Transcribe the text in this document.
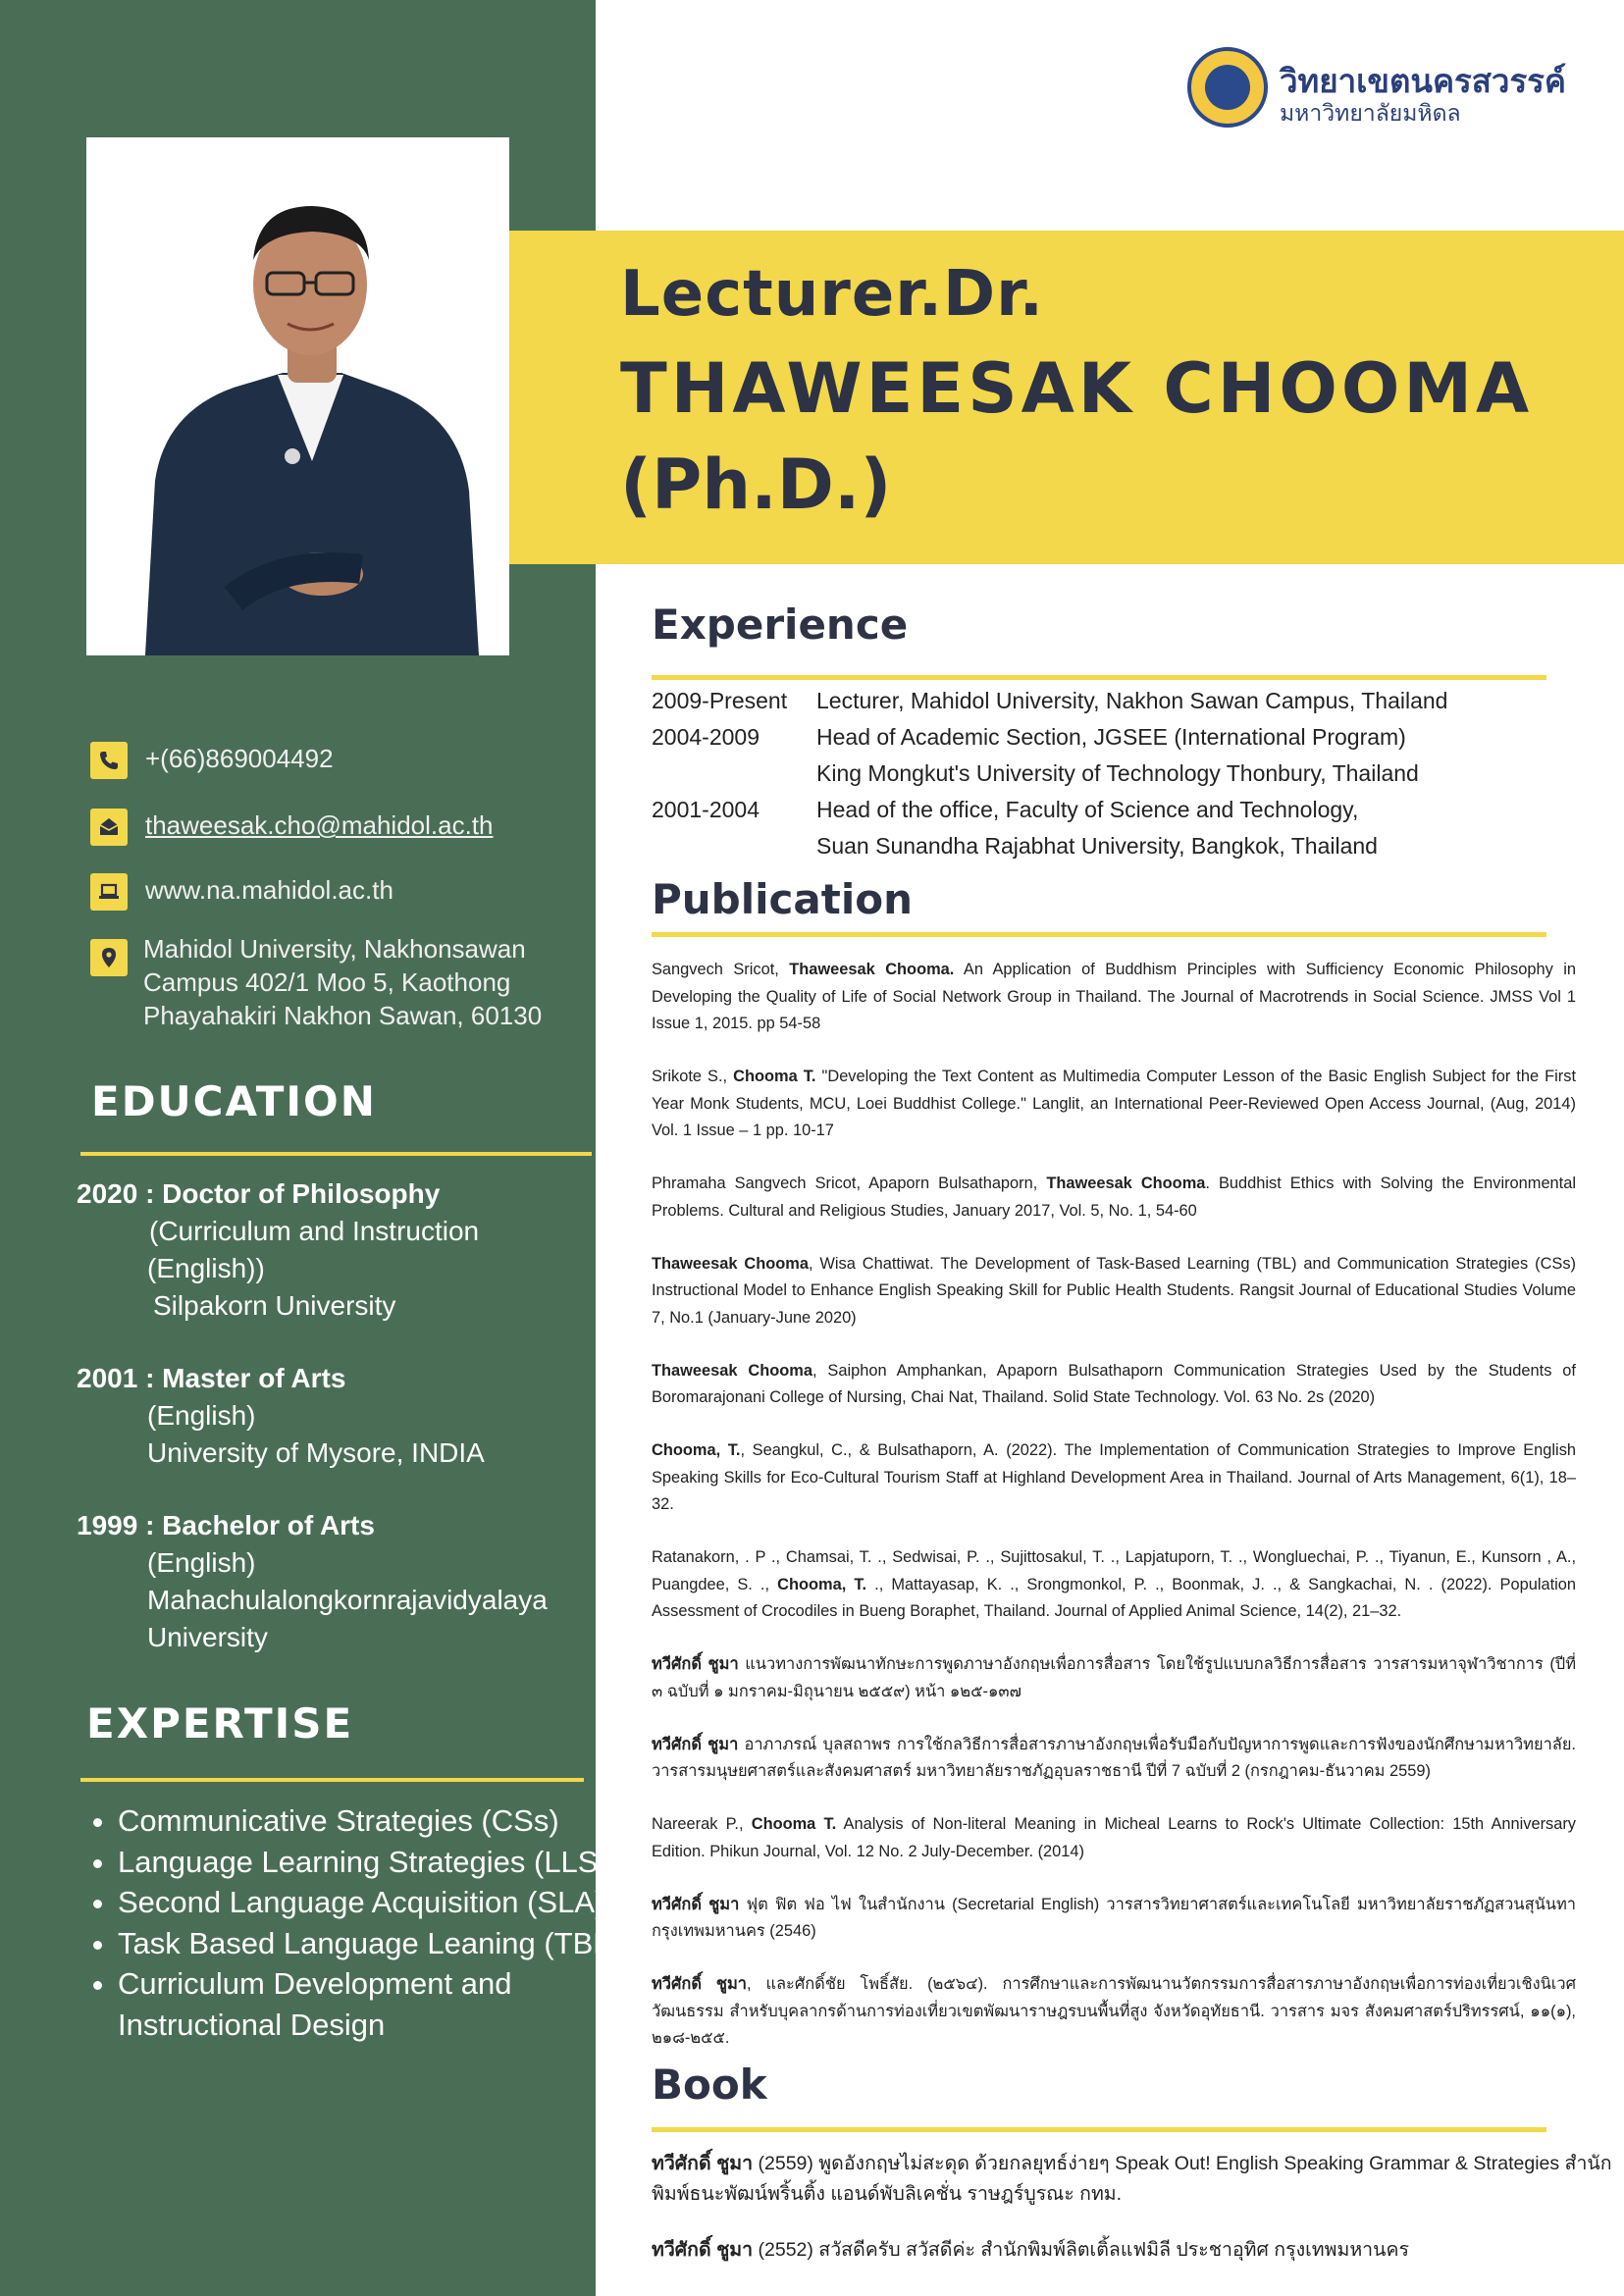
วิทยาเขตนครสวรรค์
มหาวิทยาลัยมหิดล
Lecturer.Dr.
THAWEESAK CHOOMA
(Ph.D.)
+(66)869004492
thaweesak.cho@mahidol.ac.th
www.na.mahidol.ac.th
Mahidol University, Nakhonsawan
Campus 402/1 Moo 5, Kaothong
Phayahakiri Nakhon Sawan, 60130
EDUCATION
2020 : Doctor of Philosophy
(Curriculum and Instruction
(English))
Silpakorn University
2001 : Master of Arts
(English)
University of Mysore, INDIA
1999 : Bachelor of Arts
(English)
Mahachulalongkornrajavidyalaya
University
EXPERTISE
• Communicative Strategies (CSs)
• Language Learning Strategies (LLS)
• Second Language Acquisition (SLA)
• Task Based Language Leaning (TBL)
• Curriculum Development and Instructional Design
Experience
2009-Present	Lecturer, Mahidol University, Nakhon Sawan Campus, Thailand
2004-2009	Head of Academic Section, JGSEE (International Program)
King Mongkut's University of Technology Thonbury, Thailand
2001-2004	Head of the office, Faculty of Science and Technology,
Suan Sunandha Rajabhat University, Bangkok, Thailand
Publication

Sangvech Sricot, Thaweesak Chooma. An Application of Buddhism Principles with Sufficiency Economic Philosophy in Developing the Quality of Life of Social Network Group in Thailand. The Journal of Macrotrends in Social Science. JMSS Vol 1 Issue 1, 2015. pp 54-58

Srikote S., Chooma T. "Developing the Text Content as Multimedia Computer Lesson of the Basic English Subject for the First Year Monk Students, MCU, Loei Buddhist College." Langlit, an International Peer-Reviewed Open Access Journal, (Aug, 2014) Vol. 1 Issue – 1 pp. 10-17

Phramaha Sangvech Sricot, Apaporn Bulsathaporn, Thaweesak Chooma. Buddhist Ethics with Solving the Environmental Problems. Cultural and Religious Studies, January 2017, Vol. 5, No. 1, 54-60

Thaweesak Chooma, Wisa Chattiwat. The Development of Task-Based Learning (TBL) and Communication Strategies (CSs) Instructional Model to Enhance English Speaking Skill for Public Health Students. Rangsit Journal of Educational Studies Volume 7, No.1 (January-June 2020)

Thaweesak Chooma, Saiphon Amphankan, Apaporn Bulsathaporn Communication Strategies Used by the Students of Boromarajonani College of Nursing, Chai Nat, Thailand. Solid State Technology. Vol. 63 No. 2s (2020)

Chooma, T., Seangkul, C., & Bulsathaporn, A. (2022). The Implementation of Communication Strategies to Improve English Speaking Skills for Eco-Cultural Tourism Staff at Highland Development Area in Thailand. Journal of Arts Management, 6(1), 18–32.

Ratanakorn, . P ., Chamsai, T. ., Sedwisai, P. ., Sujittosakul, T. ., Lapjatuporn, T. ., Wongluechai, P. ., Tiyanun, E., Kunsorn , A., Puangdee, S. ., Chooma, T. ., Mattayasap, K. ., Srongmonkol, P. ., Boonmak, J. ., & Sangkachai, N. . (2022). Population Assessment of Crocodiles in Bueng Boraphet, Thailand. Journal of Applied Animal Science, 14(2), 21–32.

ทวีศักดิ์ ชูมา แนวทางการพัฒนาทักษะการพูดภาษาอังกฤษเพื่อการสื่อสาร โดยใช้รูปแบบกลวิธีการสื่อสาร วารสารมหาจุฬาวิชาการ (ปีที่ ๓ ฉบับที่ ๑ มกราคม-มิถุนายน ๒๕๕๙) หน้า ๑๒๕-๑๓๗

ทวีศักดิ์ ชูมา อาภาภรณ์ บุลสถาพร การใช้กลวิธีการสื่อสารภาษาอังกฤษเพื่อรับมือกับปัญหาการพูดและการฟังของนักศึกษามหาวิทยาลัย. วารสารมนุษยศาสตร์และสังคมศาสตร์ มหาวิทยาลัยราชภัฏอุบลราชธานี ปีที่ 7 ฉบับที่ 2 (กรกฎาคม-ธันวาคม 2559)

Nareerak P., Chooma T. Analysis of Non-literal Meaning in Micheal Learns to Rock's Ultimate Collection: 15th Anniversary Edition. Phikun Journal, Vol. 12 No. 2 July-December. (2014)

ทวีศักดิ์ ชูมา ฟุต ฟิต ฟอ ไฟ ในสำนักงาน (Secretarial English) วารสารวิทยาศาสตร์และเทคโนโลยี มหาวิทยาลัยราชภัฏสวนสุนันทา กรุงเทพมหานคร (2546)

ทวีศักดิ์ ชูมา, และศักดิ์ชัย โพธิ์สัย. (๒๕๖๔). การศึกษาและการพัฒนานวัตกรรมการสื่อสารภาษาอังกฤษเพื่อการท่องเที่ยวเชิงนิเวศวัฒนธรรม สำหรับบุคลากรด้านการท่องเที่ยวเขตพัฒนาราษฎรบนพื้นที่สูง จังหวัดอุทัยธานี. วารสาร มจร สังคมศาสตร์ปริทรรศน์, ๑๑(๑), ๒๑๘-๒๕๕.

Book
ทวีศักดิ์ ชูมา (2559) พูดอังกฤษไม่สะดุด ด้วยกลยุทธ์ง่ายๆ Speak Out! English Speaking Grammar & Strategies สำนักพิมพ์ธนะพัฒน์พริ้นติ้ง แอนด์พับลิเคชั่น ราษฎร์บูรณะ กทม.
ทวีศักดิ์ ชูมา (2552) สวัสดีครับ สวัสดีค่ะ สำนักพิมพ์ลิตเติ้ลแฟมิลี ประชาอุทิศ กรุงเทพมหานคร
